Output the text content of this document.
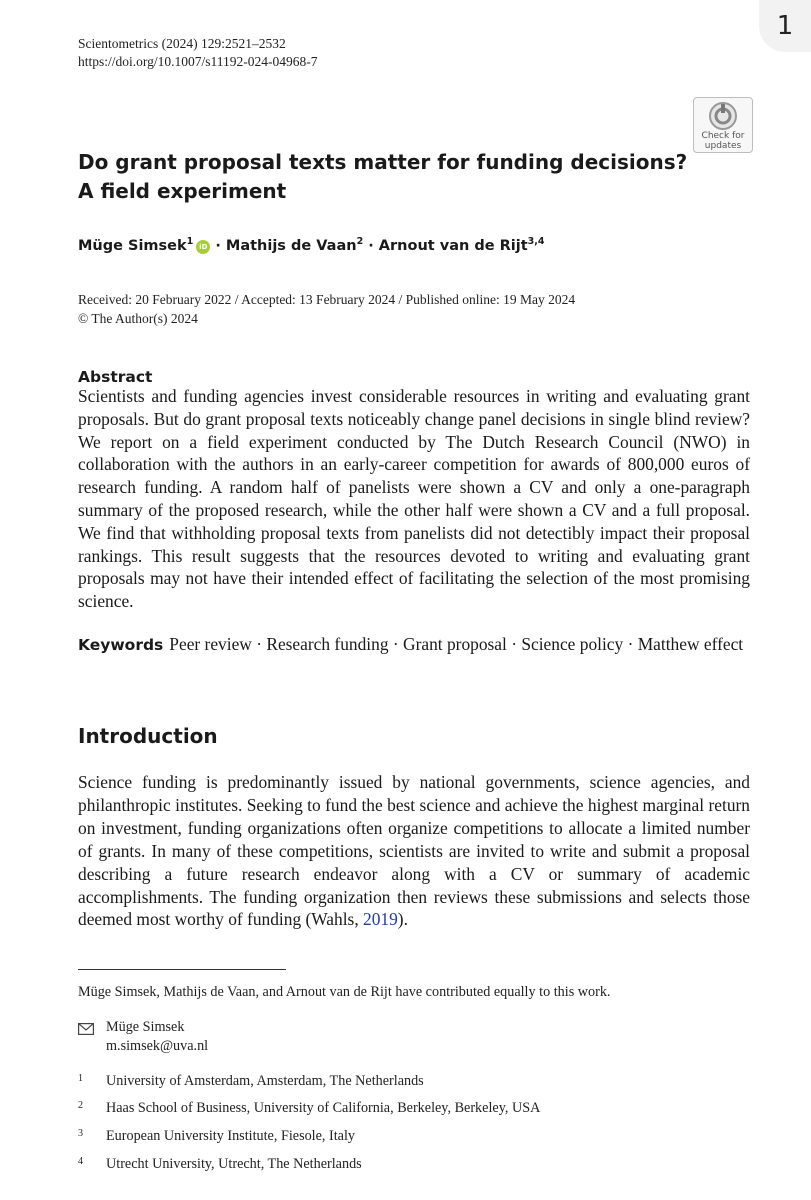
1
Scientometrics (2024) 129:2521–2532
https://doi.org/10.1007/s11192-024-04968-7
Check for
updates
Do grant proposal texts matter for funding decisions? A field experiment
Müge Simsek$^1$ iD · Mathijs de Vaan$^2$ · Arnout van de Rijt$^{3,4}$
Received: 20 February 2022 / Accepted: 13 February 2024 / Published online: 19 May 2024
© The Author(s) 2024
Abstract
Scientists and funding agencies invest considerable resources in writing and evaluating grant proposals. But do grant proposal texts noticeably change panel decisions in single blind review? We report on a field experiment conducted by The Dutch Research Council (NWO) in collaboration with the authors in an early-career competition for awards of 800,000 euros of research funding. A random half of panelists were shown a CV and only a one-paragraph summary of the proposed research, while the other half were shown a CV and a full proposal. We find that withholding proposal texts from panelists did not detectibly impact their proposal rankings. This result suggests that the resources devoted to writing and evaluating grant proposals may not have their intended effect of facilitating the selection of the most promising science.
Keywords Peer review · Research funding · Grant proposal · Science policy · Matthew effect
Introduction
Science funding is predominantly issued by national governments, science agencies, and philanthropic institutes. Seeking to fund the best science and achieve the highest marginal return on investment, funding organizations often organize competitions to allocate a limited number of grants. In many of these competitions, scientists are invited to write and submit a proposal describing a future research endeavor along with a CV or summary of academic accomplishments. The funding organization then reviews these submissions and selects those deemed most worthy of funding (Wahls, 2019).
Müge Simsek, Mathijs de Vaan, and Arnout van de Rijt have contributed equally to this work.
Müge Simsek
m.simsek@uva.nl
1 University of Amsterdam, Amsterdam, The Netherlands
2 Haas School of Business, University of California, Berkeley, Berkeley, USA
3 European University Institute, Fiesole, Italy
4 Utrecht University, Utrecht, The Netherlands
